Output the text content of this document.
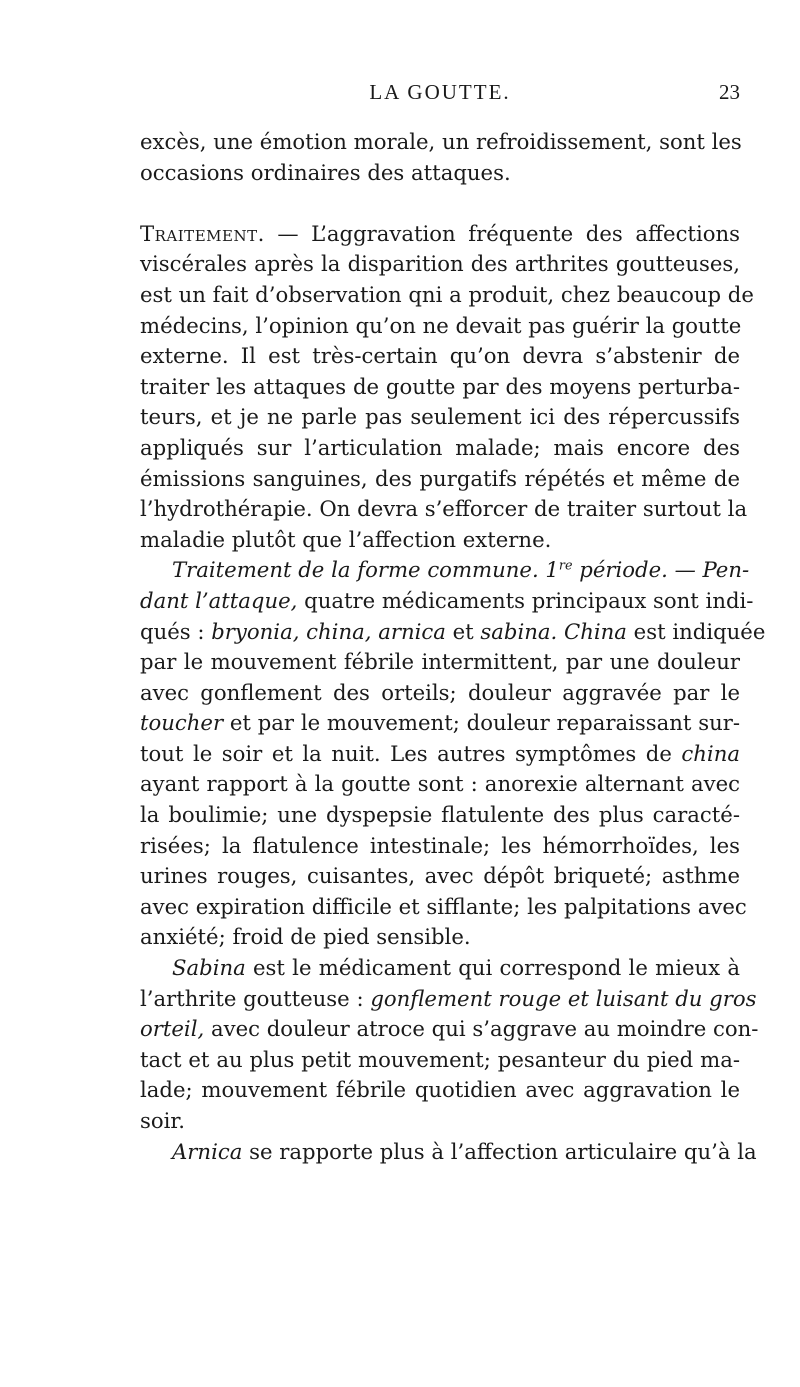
LA GOUTTE.	23
excès, une émotion morale, un refroidissement, sont les
occasions ordinaires des attaques.
Traitement. — L’aggravation fréquente des affections
viscérales après la disparition des arthrites goutteuses,
est un fait d’observation qni a produit, chez beaucoup de
médecins, l’opinion qu’on ne devait pas guérir la goutte
externe. Il est très-certain qu’on devra s’abstenir de
traiter les attaques de goutte par des moyens perturba-
teurs, et je ne parle pas seulement ici des répercussifs
appliqués sur l’articulation malade; mais encore des
émissions sanguines, des purgatifs répétés et même de
l’hydrothérapie. On devra s’efforcer de traiter surtout la
maladie plutôt que l’affection externe.
Traitement de la forme commune. 1re période. — Pen-
dant l’attaque, quatre médicaments principaux sont indi-
qués : bryonia, china, arnica et sabina. China est indiquée
par le mouvement fébrile intermittent, par une douleur
avec gonflement des orteils; douleur aggravée par le
toucher et par le mouvement; douleur reparaissant sur-
tout le soir et la nuit. Les autres symptômes de china
ayant rapport à la goutte sont : anorexie alternant avec
la boulimie; une dyspepsie flatulente des plus caracté-
risées; la flatulence intestinale; les hémorrhoïdes, les
urines rouges, cuisantes, avec dépôt briqueté; asthme
avec expiration difficile et sifflante; les palpitations avec
anxiété; froid de pied sensible.
Sabina est le médicament qui correspond le mieux à
l’arthrite goutteuse : gonflement rouge et luisant du gros
orteil, avec douleur atroce qui s’aggrave au moindre con-
tact et au plus petit mouvement; pesanteur du pied ma-
lade; mouvement fébrile quotidien avec aggravation le
soir.
Arnica se rapporte plus à l’affection articulaire qu’à la
